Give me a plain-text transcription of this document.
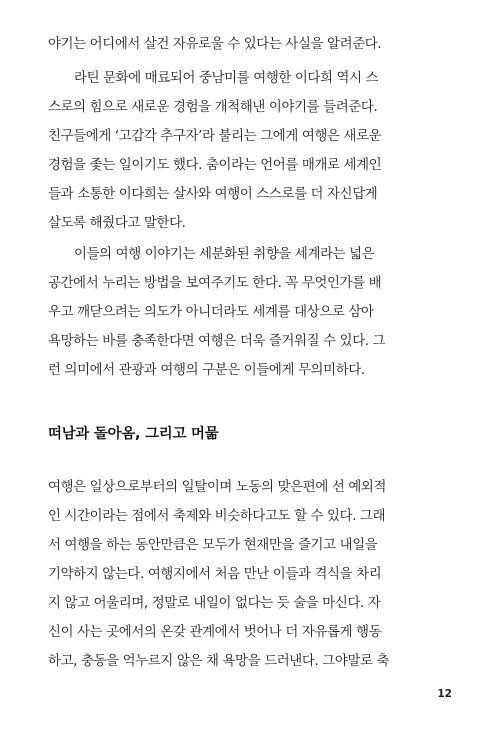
야기는 어디에서 살건 자유로울 수 있다는 사실을 알려준다.
라틴 문화에 매료되어 중남미를 여행한 이다희 역시 스
스로의 힘으로 새로운 경험을 개척해낸 이야기를 들려준다.
친구들에게 ‘고감각 추구자’라 불리는 그에게 여행은 새로운
경험을 좇는 일이기도 했다. 춤이라는 언어를 매개로 세계인
들과 소통한 이다희는 살사와 여행이 스스로를 더 자신답게
살도록 해줬다고 말한다.
이들의 여행 이야기는 세분화된 취향을 세계라는 넓은
공간에서 누리는 방법을 보여주기도 한다. 꼭 무엇인가를 배
우고 깨닫으려는 의도가 아니더라도 세계를 대상으로 삼아
욕망하는 바를 충족한다면 여행은 더욱 즐거워질 수 있다. 그
런 의미에서 관광과 여행의 구분은 이들에게 무의미하다.
떠남과 돌아옴, 그리고 머묾
여행은 일상으로부터의 일탈이며 노동의 맞은편에 선 예외적
인 시간이라는 점에서 축제와 비슷하다고도 할 수 있다. 그래
서 여행을 하는 동안만큼은 모두가 현재만을 즐기고 내일을
기약하지 않는다. 여행지에서 처음 만난 이들과 격식을 차리
지 않고 어울리며, 정말로 내일이 없다는 듯 술을 마신다. 자
신이 사는 곳에서의 온갖 관계에서 벗어나 더 자유롭게 행동
하고, 충동을 억누르지 않은 채 욕망을 드러낸다. 그야말로 축
12
